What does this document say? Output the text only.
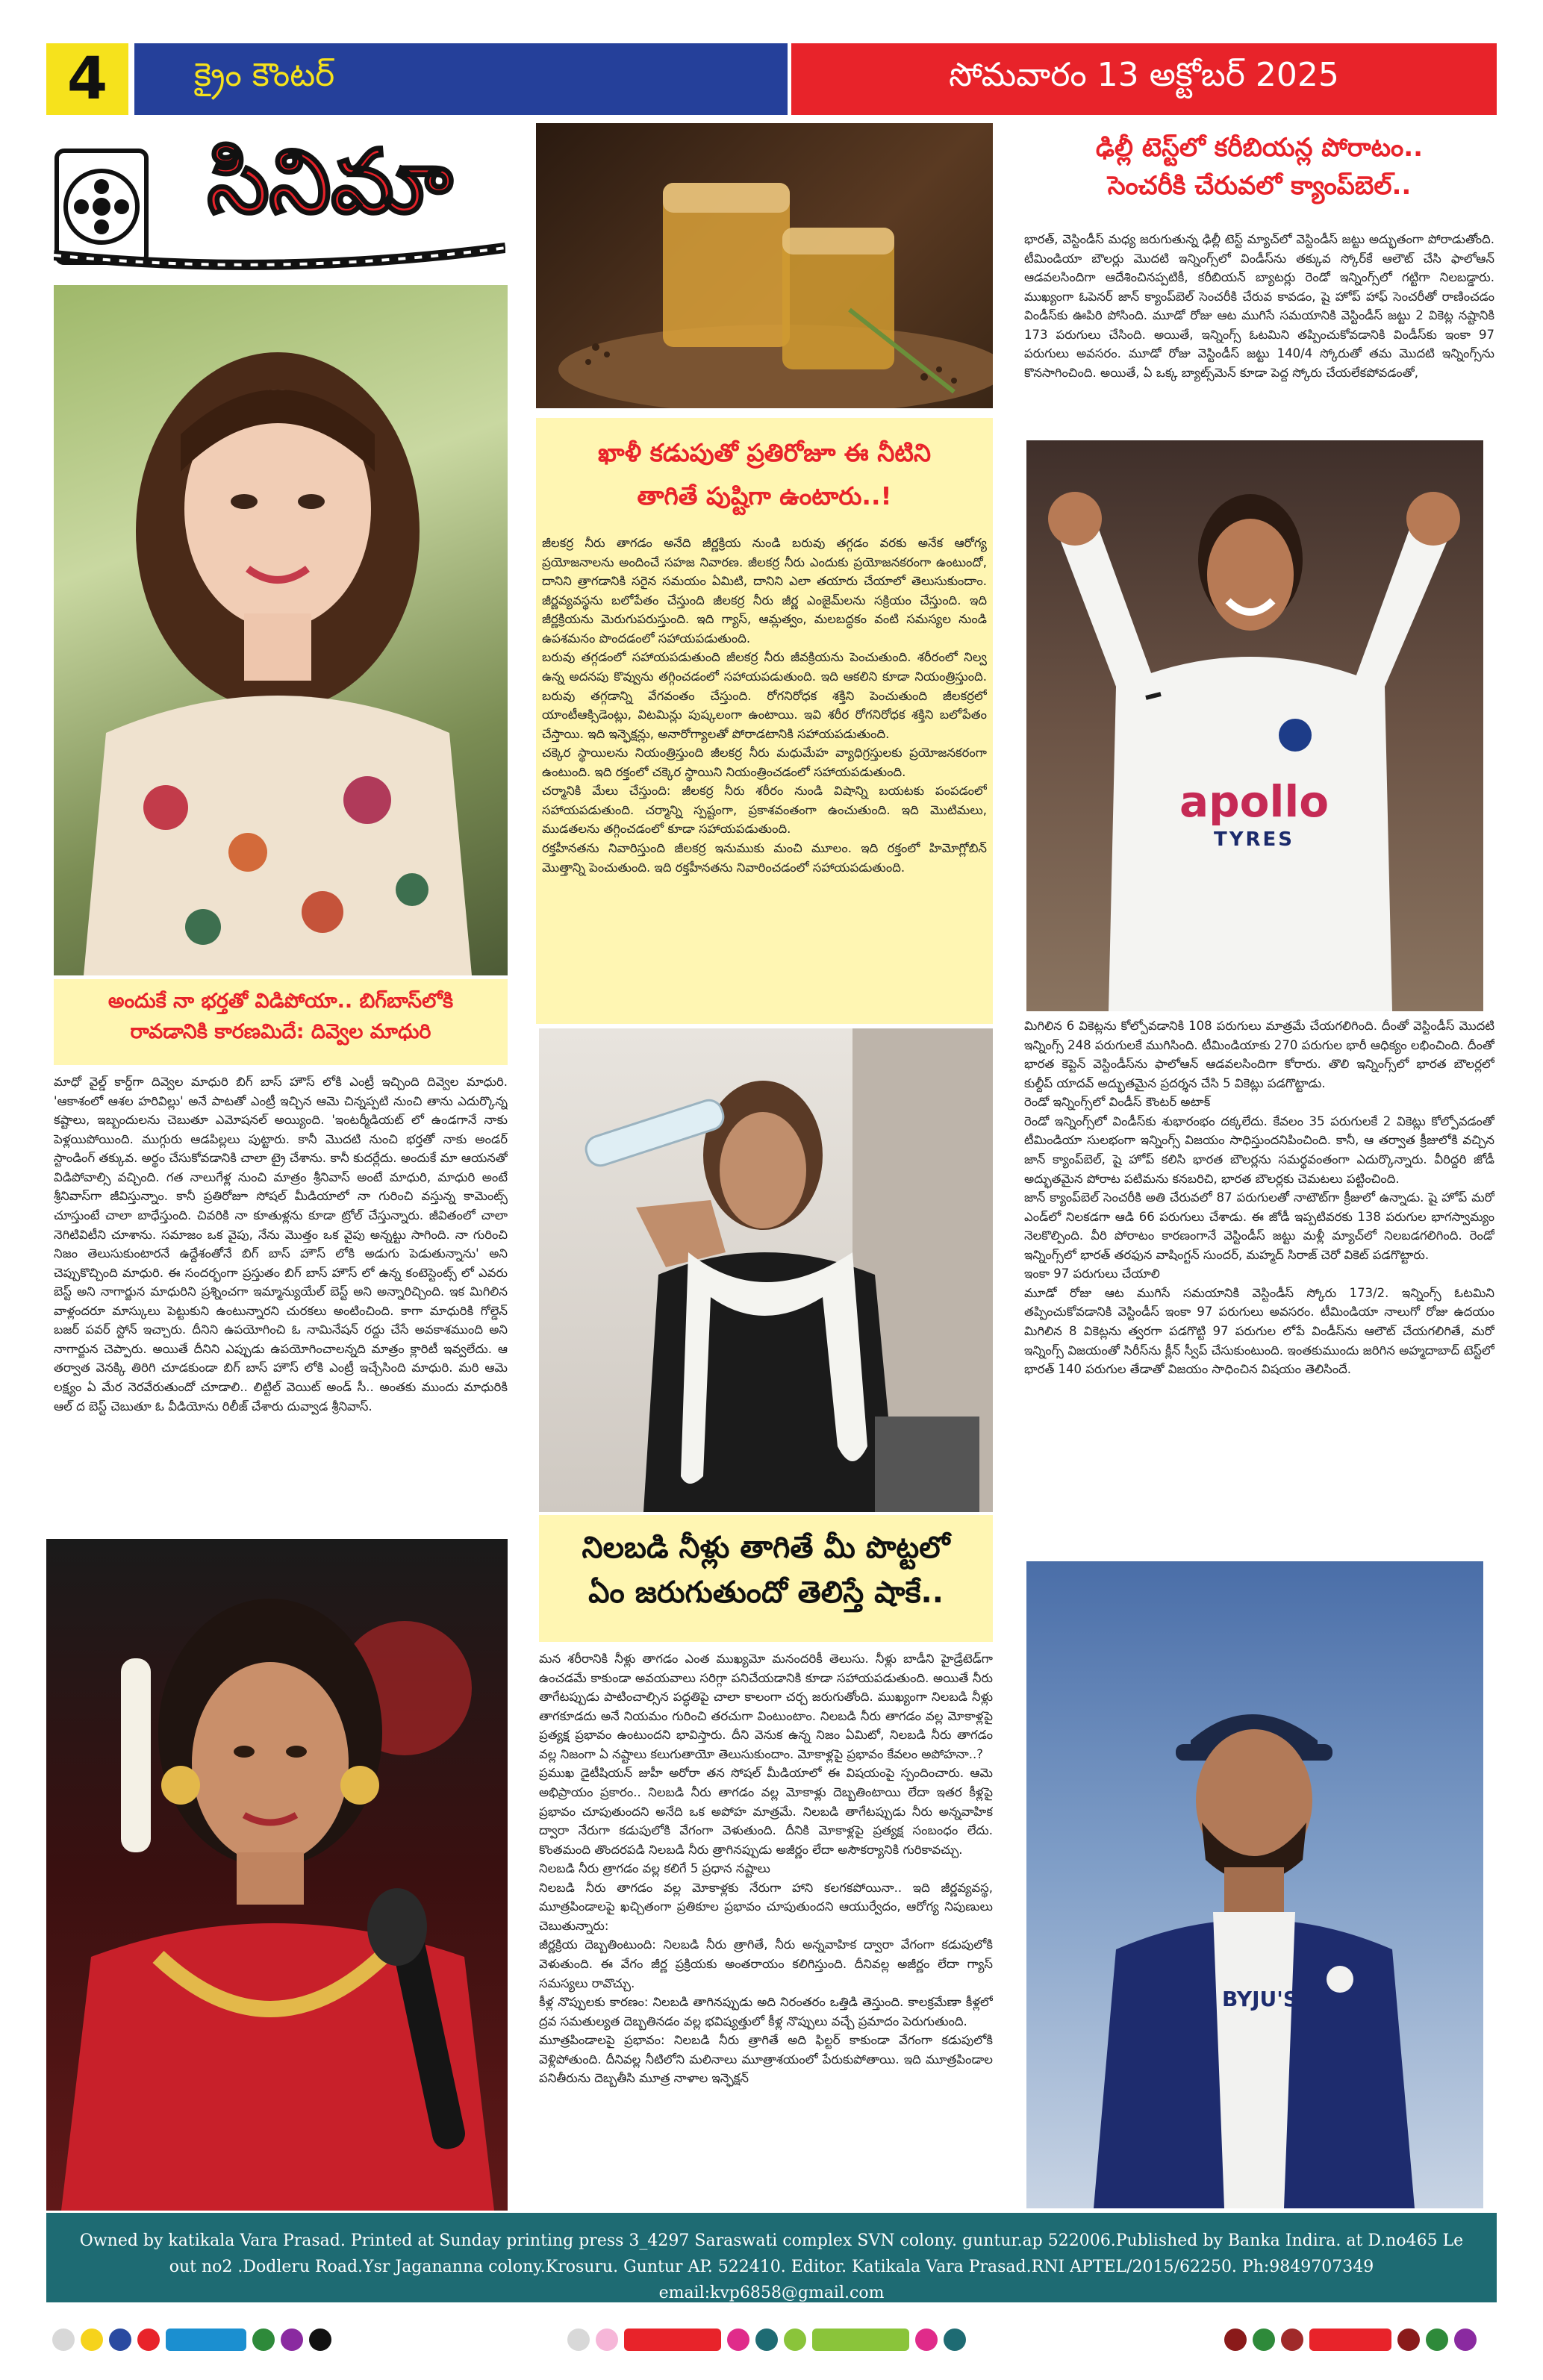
4	క్రైం కౌంటర్	సోమవారం 13 అక్టోబర్ 2025
సినిమా
అందుకే నా భర్తతో విడిపోయా.. బిగ్‌బాస్‌లోకి
రావడానికి కారణమిదే: దివ్వెల మాధురి
మాధో వైల్డ్ కార్డ్‌గా దివ్వెల మాధురి బిగ్ బాస్ హౌస్ లోకి ఎంట్రీ ఇచ్చింది దివ్వెల మాధురి. 'ఆకాశంలో ఆశల హరివిల్లు' అనే పాటతో ఎంట్రీ ఇచ్చిన ఆమె చిన్నప్పటి నుంచి తాను ఎదుర్కొన్న కష్టాలు, ఇబ్బందులను చెబుతూ ఎమోషనల్ అయ్యింది. 'ఇంటర్మీడియట్ లో ఉండగానే నాకు పెళ్లయిపోయింది. ముగ్గురు ఆడపిల్లలు పుట్టారు. కానీ మొదటి నుంచి భర్తతో నాకు అండర్ స్టాండింగ్ తక్కువ. అర్థం చేసుకోవడానికి చాలా ట్రై చేశాను. కానీ కుదర్లేదు. అందుకే మా ఆయనతో విడిపోవాల్సి వచ్చింది. గత నాలుగేళ్ల నుంచి మాత్రం శ్రీనివాస్ అంటే మాధురి, మాధురి అంటే శ్రీనివాస్‌గా జీవిస్తున్నాం. కానీ ప్రతిరోజూ సోషల్ మీడియాలో నా గురించి వస్తున్న కామెంట్స్ చూస్తుంటే చాలా బాధేస్తుంది. చివరికి నా కూతుళ్లను కూడా ట్రోల్ చేస్తున్నారు. జీవితంలో చాలా నెగిటివిటీని చూశాను. సమాజం ఒక వైపు, నేను మొత్తం ఒక వైపు అన్నట్టు సాగింది. నా గురించి నిజం తెలుసుకుంటారనే ఉద్దేశంతోనే బిగ్ బాస్ హౌస్ లోకి అడుగు పెడుతున్నాను' అని చెప్పుకొచ్చింది మాధురి. ఈ సందర్భంగా ప్రస్తుతం బిగ్ బాస్ హౌస్ లో ఉన్న కంటెస్టెంట్స్ లో ఎవరు బెస్ట్ అని నాగార్జున మాధురిని ప్రశ్నించగా ఇమ్మాన్యుయేల్ బెస్ట్ అని అన్నారిచ్చింది. ఇక మిగిలిన వాళ్లందరూ మాస్కులు పెట్టుకుని ఉంటున్నారని చురకలు అంటించింది. కాగా మాధురికి గోల్డెన్ బజర్ పవర్ స్టోన్ ఇచ్చారు. దీనిని ఉపయోగించి ఓ నామినేషన్ రద్దు చేసే అవకాశముంది అని నాగార్జున చెప్పారు. అయితే దీనిని ఎప్పుడు ఉపయోగించాలన్నది మాత్రం క్లారిటీ ఇవ్వలేదు. ఆ తర్వాత వెనక్కి తిరిగి చూడకుండా బిగ్ బాస్ హౌస్ లోకి ఎంట్రీ ఇచ్చేసింది మాధురి. మరి ఆమె లక్ష్యం ఏ మేర నెరవేరుతుందో చూడాలి.. లిట్టిల్ వెయిట్ అండ్ సీ.. అంతకు ముందు మాధురికి ఆల్ ద బెస్ట్ చెబుతూ ఓ వీడియోను రిలీజ్ చేశారు దువ్వాడ శ్రీనివాస్.
ఖాళీ కడుపుతో ప్రతిరోజూ ఈ నీటిని
తాగితే పుష్టిగా ఉంటారు..!
జీలకర్ర నీరు తాగడం అనేది జీర్ణక్రియ నుండి బరువు తగ్గడం వరకు అనేక ఆరోగ్య ప్రయోజనాలను అందించే సహజ నివారణ. జీలకర్ర నీరు ఎందుకు ప్రయోజనకరంగా ఉంటుందో, దానిని త్రాగడానికి సరైన సమయం ఏమిటి, దానిని ఎలా తయారు చేయాలో తెలుసుకుందాం. జీర్ణవ్యవస్థను బలోపేతం చేస్తుంది జీలకర్ర నీరు జీర్ణ ఎంజైమ్‌లను సక్రియం చేస్తుంది. ఇది జీర్ణక్రియను మెరుగుపరుస్తుంది. ఇది గ్యాస్, ఆమ్లత్వం, మలబద్ధకం వంటి సమస్యల నుండి ఉపశమనం పొందడంలో సహాయపడుతుంది.
బరువు తగ్గడంలో సహాయపడుతుంది జీలకర్ర నీరు జీవక్రియను పెంచుతుంది. శరీరంలో నిల్వ ఉన్న అదనపు కొవ్వును తగ్గించడంలో సహాయపడుతుంది. ఇది ఆకలిని కూడా నియంత్రిస్తుంది. బరువు తగ్గడాన్ని వేగవంతం చేస్తుంది. రోగనిరోధక శక్తిని పెంచుతుంది జీలకర్రలో యాంటీఆక్సిడెంట్లు, విటమిన్లు పుష్కలంగా ఉంటాయి. ఇవి శరీర రోగనిరోధక శక్తిని బలోపేతం చేస్తాయి. ఇది ఇన్ఫెక్షన్లు, అనారోగ్యాలతో పోరాడటానికి సహాయపడుతుంది.
చక్కెర స్థాయిలను నియంత్రిస్తుంది జీలకర్ర నీరు మధుమేహ వ్యాధిగ్రస్తులకు ప్రయోజనకరంగా ఉంటుంది. ఇది రక్తంలో చక్కెర స్థాయిని నియంత్రించడంలో సహాయపడుతుంది.
చర్మానికి మేలు చేస్తుంది: జీలకర్ర నీరు శరీరం నుండి విషాన్ని బయటకు పంపడంలో సహాయపడుతుంది. చర్మాన్ని స్పష్టంగా, ప్రకాశవంతంగా ఉంచుతుంది. ఇది మొటిమలు, ముడతలను తగ్గించడంలో కూడా సహాయపడుతుంది.
రక్తహీనతను నివారిస్తుంది జీలకర్ర ఇనుముకు మంచి మూలం. ఇది రక్తంలో హిమోగ్లోబిన్ మొత్తాన్ని పెంచుతుంది. ఇది రక్తహీనతను నివారించడంలో సహాయపడుతుంది.
నిలబడి నీళ్లు తాగితే మీ పొట్టలో
ఏం జరుగుతుందో తెలిస్తే షాకే..
మన శరీరానికి నీళ్లు తాగడం ఎంత ముఖ్యమో మనందరికీ తెలుసు. నీళ్లు బాడీని హైడ్రేటెడ్‌గా ఉంచడమే కాకుండా అవయవాలు సరిగ్గా పనిచేయడానికి కూడా సహాయపడుతుంది. అయితే నీరు తాగేటప్పుడు పాటించాల్సిన పద్ధతిపై చాలా కాలంగా చర్చ జరుగుతోంది. ముఖ్యంగా నిలబడి నీళ్లు తాగకూడదు అనే నియమం గురించి తరచుగా వింటుంటాం. నిలబడి నీరు తాగడం వల్ల మోకాళ్లపై ప్రత్యక్ష ప్రభావం ఉంటుందని భావిస్తారు. దీని వెనుక ఉన్న నిజం ఏమిటో, నిలబడి నీరు తాగడం వల్ల నిజంగా ఏ నష్టాలు కలుగుతాయో తెలుసుకుందాం. మోకాళ్లపై ప్రభావం కేవలం అపోహనా..?
ప్రముఖ డైటీషియన్ జుహీ అరోరా తన సోషల్ మీడియాలో ఈ విషయంపై స్పందించారు. ఆమె అభిప్రాయం ప్రకారం.. నిలబడి నీరు తాగడం వల్ల మోకాళ్లు దెబ్బతింటాయి లేదా ఇతర కీళ్లపై ప్రభావం చూపుతుందని అనేది ఒక అపోహ మాత్రమే. నిలబడి తాగేటప్పుడు నీరు అన్నవాహిక ద్వారా నేరుగా కడుపులోకి వేగంగా వెళుతుంది. దీనికి మోకాళ్లపై ప్రత్యక్ష సంబంధం లేదు. కొంతమంది తొందరపడి నిలబడి నీరు త్రాగినప్పుడు అజీర్ణం లేదా అసౌకర్యానికి గురికావచ్చు.
నిలబడి నీరు త్రాగడం వల్ల కలిగే 5 ప్రధాన నష్టాలు
నిలబడి నీరు తాగడం వల్ల మోకాళ్లకు నేరుగా హాని కలగకపోయినా.. ఇది జీర్ణవ్యవస్థ, మూత్రపిండాలపై ఖచ్చితంగా ప్రతికూల ప్రభావం చూపుతుందని ఆయుర్వేదం, ఆరోగ్య నిపుణులు చెబుతున్నారు:
జీర్ణక్రియ దెబ్బతింటుంది: నిలబడి నీరు త్రాగితే, నీరు అన్నవాహిక ద్వారా వేగంగా కడుపులోకి వెళుతుంది. ఈ వేగం జీర్ణ ప్రక్రియకు అంతరాయం కలిగిస్తుంది. దీనివల్ల అజీర్ణం లేదా గ్యాస్ సమస్యలు రావొచ్చు.
కీళ్ల నొప్పులకు కారణం: నిలబడి తాగినప్పుడు అది నిరంతరం ఒత్తిడి తెస్తుంది. కాలక్రమేణా కీళ్లలో ద్రవ సమతుల్యత దెబ్బతినడం వల్ల భవిష్యత్తులో కీళ్ల నొప్పులు వచ్చే ప్రమాదం పెరుగుతుంది.
మూత్రపిండాలపై ప్రభావం: నిలబడి నీరు త్రాగితే అది ఫిల్టర్ కాకుండా వేగంగా కడుపులోకి వెళ్లిపోతుంది. దీనివల్ల నీటిలోని మలినాలు మూత్రాశయంలో పేరుకుపోతాయి. ఇది మూత్రపిండాల పనితీరును దెబ్బతీసి మూత్ర నాళాల ఇన్ఫెక్షన్
ఢిల్లీ టెస్ట్‌లో కరీబియన్ల పోరాటం..
సెంచరీకి చేరువలో క్యాంప్‌బెల్..
భారత్, వెస్టిండీస్ మధ్య జరుగుతున్న ఢిల్లీ టెస్ట్ మ్యాచ్‌లో వెస్టిండీస్ జట్టు అద్భుతంగా పోరాడుతోంది. టీమిండియా బౌలర్లు మొదటి ఇన్నింగ్స్‌లో విండీస్‌ను తక్కువ స్కోర్‌కే ఆలౌట్ చేసి ఫాలోఆన్ ఆడవలసిందిగా ఆదేశించినప్పటికీ, కరీబియన్ బ్యాటర్లు రెండో ఇన్నింగ్స్‌లో గట్టిగా నిలబడ్డారు. ముఖ్యంగా ఓపెనర్ జాన్ క్యాంప్‌బెల్ సెంచరీకి చేరువ కావడం, షై హోప్ హాఫ్ సెంచరీతో రాణించడం విండీస్‌కు ఊపిరి పోసింది. మూడో రోజు ఆట ముగిసే సమయానికి వెస్టిండీస్ జట్టు 2 వికెట్ల నష్టానికి 173 పరుగులు చేసింది. అయితే, ఇన్నింగ్స్ ఓటమిని తప్పించుకోవడానికి విండీస్‌కు ఇంకా 97 పరుగులు అవసరం. మూడో రోజు వెస్టిండీస్ జట్టు 140/4 స్కోరుతో తమ మొదటి ఇన్నింగ్స్‌ను కొనసాగించింది. అయితే, ఏ ఒక్క బ్యాట్స్‌మెన్ కూడా పెద్ద స్కోరు చేయలేకపోవడంతో,
apollo
TYRES
మిగిలిన 6 వికెట్లను కోల్పోవడానికి 108 పరుగులు మాత్రమే చేయగలిగింది. దీంతో వెస్టిండీస్ మొదటి ఇన్నింగ్స్ 248 పరుగులకే ముగిసింది. టీమిండియాకు 270 పరుగుల భారీ ఆధిక్యం లభించింది. దీంతో భారత కెప్టెన్ వెస్టిండీస్‌ను ఫాలోఆన్ ఆడవలసిందిగా కోరారు. తొలి ఇన్నింగ్స్‌లో భారత బౌలర్లలో కుల్దీప్ యాదవ్ అద్భుతమైన ప్రదర్శన చేసి 5 వికెట్లు పడగొట్టాడు.
రెండో ఇన్నింగ్స్‌లో విండీస్ కౌంటర్ అటాక్
రెండో ఇన్నింగ్స్‌లో విండీస్‌కు శుభారంభం దక్కలేదు. కేవలం 35 పరుగులకే 2 వికెట్లు కోల్పోవడంతో టీమిండియా సులభంగా ఇన్నింగ్స్ విజయం సాధిస్తుందనిపించింది. కానీ, ఆ తర్వాత క్రీజులోకి వచ్చిన జాన్ క్యాంప్‌బెల్, షై హోప్ కలిసి భారత బౌలర్లను సమర్థవంతంగా ఎదుర్కొన్నారు. వీరిద్దరి జోడీ అద్భుతమైన పోరాట పటిమను కనబరిచి, భారత బౌలర్లకు చెమటలు పట్టించింది.
జాన్ క్యాంప్‌బెల్ సెంచరీకి అతి చేరువలో 87 పరుగులతో నాటౌట్‌గా క్రీజులో ఉన్నాడు. షై హోప్ మరో ఎండ్‌లో నిలకడగా ఆడి 66 పరుగులు చేశాడు. ఈ జోడీ ఇప్పటివరకు 138 పరుగుల భాగస్వామ్యం నెలకొల్పింది. వీరి పోరాటం కారణంగానే వెస్టిండీస్ జట్టు మళ్లీ మ్యాచ్‌లో నిలబడగలిగింది. రెండో ఇన్నింగ్స్‌లో భారత్ తరఫున వాషింగ్టన్ సుందర్, మహ్మద్ సిరాజ్ చెరో వికెట్ పడగొట్టారు.
ఇంకా 97 పరుగులు చేయాలి
మూడో రోజు ఆట ముగిసే సమయానికి వెస్టిండీస్ స్కోరు 173/2. ఇన్నింగ్స్ ఓటమిని తప్పించుకోవడానికి వెస్టిండీస్ ఇంకా 97 పరుగులు అవసరం. టీమిండియా నాలుగో రోజు ఉదయం మిగిలిన 8 వికెట్లను త్వరగా పడగొట్టి 97 పరుగుల లోపే విండీస్‌ను ఆలౌట్ చేయగలిగితే, మరో ఇన్నింగ్స్ విజయంతో సిరీస్‌ను క్లీన్ స్వీప్ చేసుకుంటుంది. ఇంతకుముందు జరిగిన అహ్మదాబాద్ టెస్ట్‌లో భారత్ 140 పరుగుల తేడాతో విజయం సాధించిన విషయం తెలిసిందే.
BYJU'S
Owned by katikala Vara Prasad. Printed at Sunday printing press 3_4297 Saraswati complex SVN colony. guntur.ap 522006.Published by Banka Indira. at D.no465 Le out no2 .Dodleru Road.Ysr Jagananna colony.Krosuru. Guntur AP. 522410. Editor. Katikala Vara Prasad.RNI APTEL/2015/62250. Ph:9849707349 email:kvp6858@gmail.com
